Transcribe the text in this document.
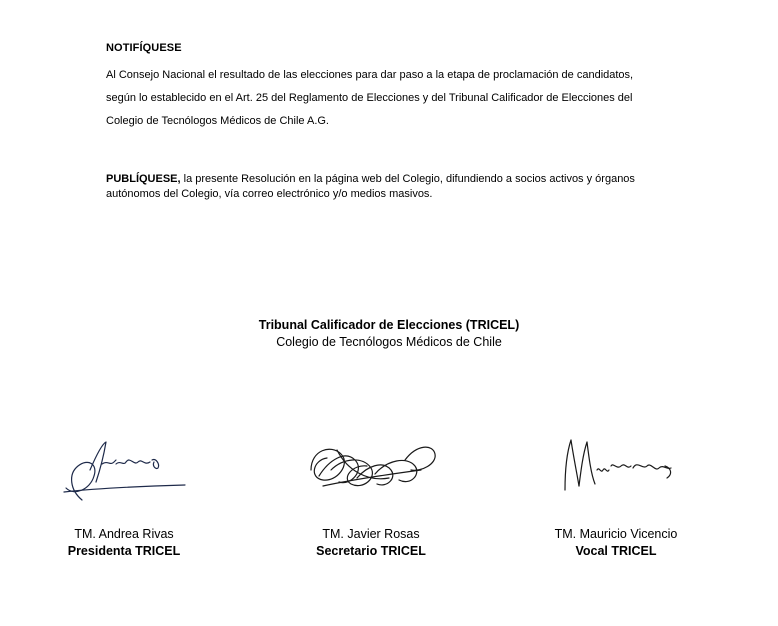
NOTIFÍQUESE
Al Consejo Nacional el resultado de las elecciones para dar paso a la etapa de proclamación de candidatos,
según lo establecido en el Art. 25 del Reglamento de Elecciones y del Tribunal Calificador de Elecciones del
Colegio de Tecnólogos Médicos de Chile A.G.
PUBLÍQUESE, la presente Resolución en la página web del Colegio, difundiendo a socios activos y órganos
autónomos del Colegio, vía correo electrónico y/o medios masivos.
Tribunal Calificador de Elecciones (TRICEL)
Colegio de Tecnólogos Médicos de Chile
TM. Andrea Rivas
Presidenta TRICEL
TM. Javier Rosas
Secretario TRICEL
TM. Mauricio Vicencio
Vocal TRICEL
